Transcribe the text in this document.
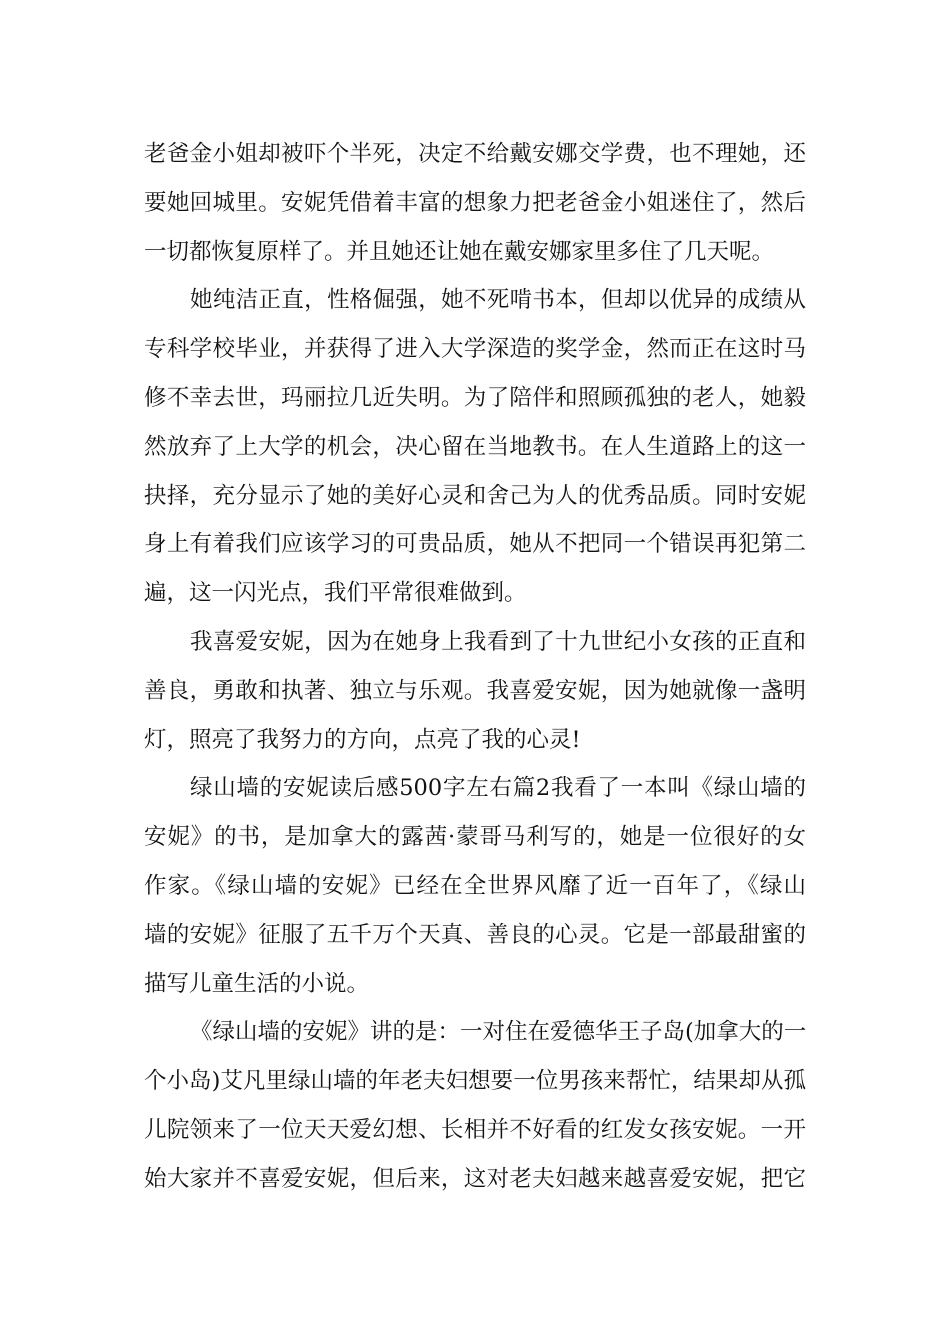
老爸金小姐却被吓个半死，决定不给戴安娜交学费，也不理她，还
要她回城里。安妮凭借着丰富的想象力把老爸金小姐迷住了，然后
一切都恢复原样了。并且她还让她在戴安娜家里多住了几天呢。
她纯洁正直，性格倔强，她不死啃书本，但却以优异的成绩从
专科学校毕业，并获得了进入大学深造的奖学金，然而正在这时马
修不幸去世，玛丽拉几近失明。为了陪伴和照顾孤独的老人，她毅
然放弃了上大学的机会，决心留在当地教书。在人生道路上的这一
抉择，充分显示了她的美好心灵和舍己为人的优秀品质。同时安妮
身上有着我们应该学习的可贵品质，她从不把同一个错误再犯第二
遍，这一闪光点，我们平常很难做到。
我喜爱安妮，因为在她身上我看到了十九世纪小女孩的正直和
善良，勇敢和执著、独立与乐观。我喜爱安妮，因为她就像一盏明
灯，照亮了我努力的方向，点亮了我的心灵!
绿山墙的安妮读后感500字左右篇2我看了一本叫《绿山墙的
安妮》的书，是加拿大的露茜·蒙哥马利写的，她是一位很好的女
作家。《绿山墙的安妮》已经在全世界风靡了近一百年了，《绿山
墙的安妮》征服了五千万个天真、善良的心灵。它是一部最甜蜜的
描写儿童生活的小说。
《绿山墙的安妮》讲的是：一对住在爱德华王子岛(加拿大的一
个小岛)艾凡里绿山墙的年老夫妇想要一位男孩来帮忙，结果却从孤
儿院领来了一位天天爱幻想、长相并不好看的红发女孩安妮。一开
始大家并不喜爱安妮，但后来，这对老夫妇越来越喜爱安妮，把它
